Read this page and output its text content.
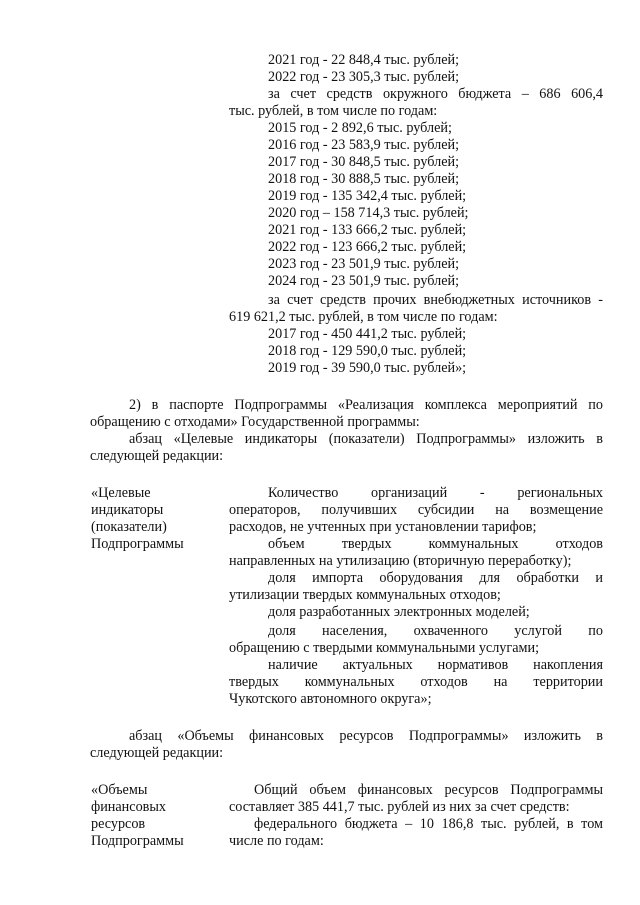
2021 год - 22 848,4 тыс. рублей;
2022 год - 23 305,3 тыс. рублей;
за счет средств окружного бюджета – 686 606,4
тыс. рублей, в том числе по годам:
2015 год - 2 892,6 тыс. рублей;
2016 год - 23 583,9 тыс. рублей;
2017 год - 30 848,5 тыс. рублей;
2018 год - 30 888,5 тыс. рублей;
2019 год - 135 342,4 тыс. рублей;
2020 год – 158 714,3 тыс. рублей;
2021 год - 133 666,2 тыс. рублей;
2022 год - 123 666,2 тыс. рублей;
2023 год - 23 501,9 тыс. рублей;
2024 год - 23 501,9 тыс. рублей;
за счет средств прочих внебюджетных источников -
619 621,2 тыс. рублей, в том числе по годам:
2017 год - 450 441,2 тыс. рублей;
2018 год - 129 590,0 тыс. рублей;
2019 год - 39 590,0 тыс. рублей»;
2) в паспорте Подпрограммы «Реализация комплекса мероприятий по
обращению с отходами» Государственной программы:
абзац «Целевые индикаторы (показатели) Подпрограммы» изложить в
следующей редакции:
«Целевые
индикаторы
(показатели)
Подпрограммы
Количество организаций - региональных
операторов, получивших субсидии на возмещение
расходов, не учтенных при установлении тарифов;
объем твердых коммунальных отходов
направленных на утилизацию (вторичную переработку);
доля импорта оборудования для обработки и
утилизации твердых коммунальных отходов;
доля разработанных электронных моделей;
доля населения, охваченного услугой по
обращению с твердыми коммунальными услугами;
наличие актуальных нормативов накопления
твердых коммунальных отходов на территории
Чукотского автономного округа»;
абзац «Объемы финансовых ресурсов Подпрограммы» изложить в
следующей редакции:
«Объемы
финансовых
ресурсов
Подпрограммы
Общий объем финансовых ресурсов Подпрограммы
составляет 385 441,7 тыс. рублей из них за счет средств:
федерального бюджета – 10 186,8 тыс. рублей, в том
числе по годам:
